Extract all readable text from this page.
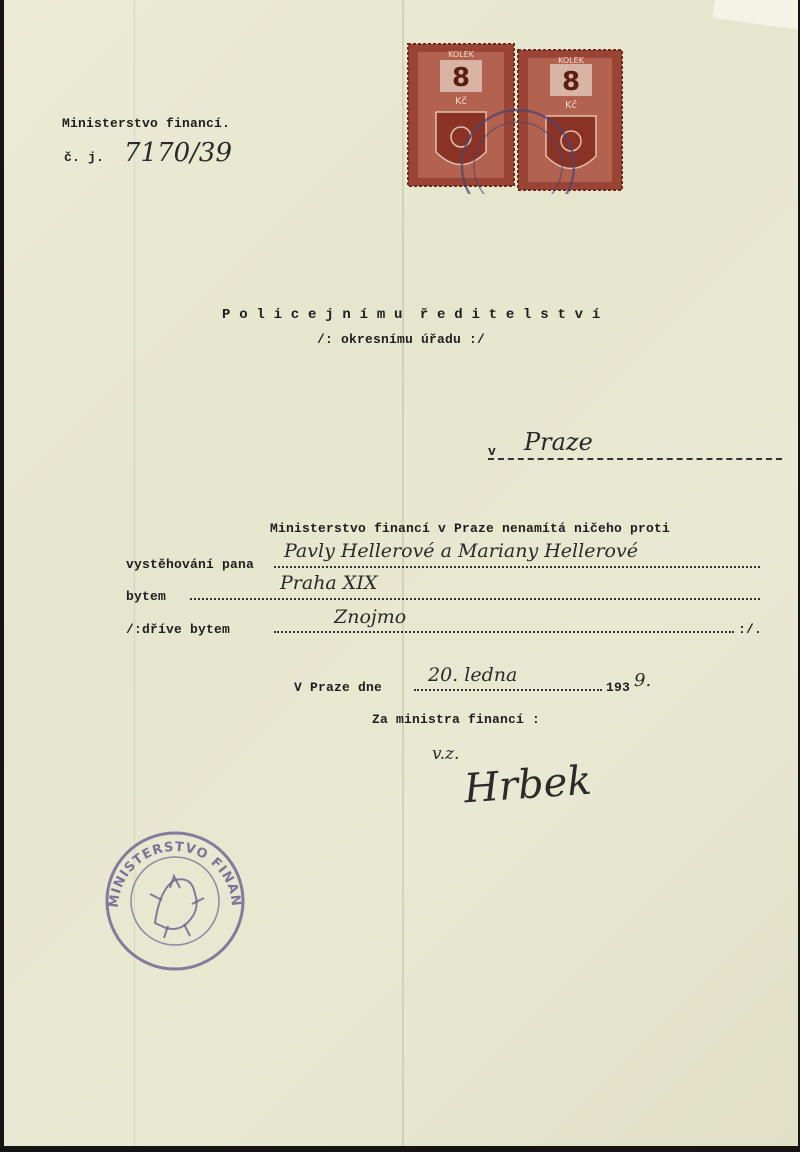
Ministerstvo financí.
č. j. 7170/39
8
Kč
KOLEK
8
Kč
KOLEK
P o l i c e j n í m u  ř e d i t e l s t v í
/: okresnímu úřadu :/
v Praze
Ministerstvo financí v Praze nenamítá ničeho proti
vystěhování pana
Pavly Hellerové a Mariany Hellerové
bytem
Praha XIX
/:dříve bytem
Znojmo
:/.
V Praze dne
20. ledna
193 9.
Za ministra financí :
v.z.
Hrbek
MINISTERSTVO FINAN
